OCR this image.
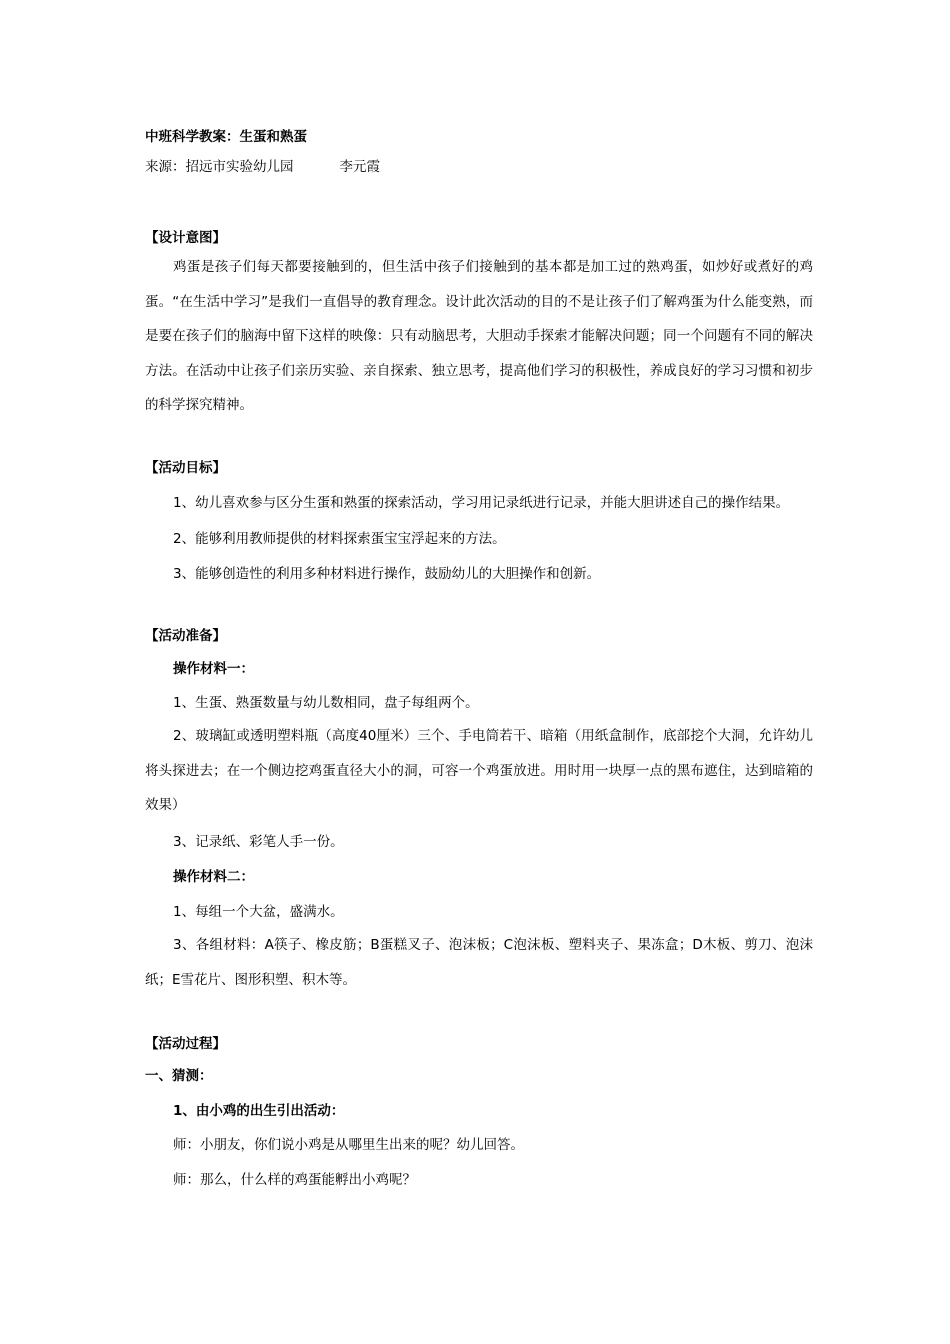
中班科学教案：生蛋和熟蛋
来源：招远市实验幼儿园	李元霞
【设计意图】
鸡蛋是孩子们每天都要接触到的，但生活中孩子们接触到的基本都是加工过的熟鸡蛋，如炒好或煮好的鸡蛋。“在生活中学习”是我们一直倡导的教育理念。设计此次活动的目的不是让孩子们了解鸡蛋为什么能变熟，而是要在孩子们的脑海中留下这样的映像：只有动脑思考，大胆动手探索才能解决问题；同一个问题有不同的解决方法。在活动中让孩子们亲历实验、亲自探索、独立思考，提高他们学习的积极性，养成良好的学习习惯和初步的科学探究精神。
【活动目标】
1、幼儿喜欢参与区分生蛋和熟蛋的探索活动，学习用记录纸进行记录，并能大胆讲述自己的操作结果。
2、能够利用教师提供的材料探索蛋宝宝浮起来的方法。
3、能够创造性的利用多种材料进行操作，鼓励幼儿的大胆操作和创新。
【活动准备】
操作材料一：
1、生蛋、熟蛋数量与幼儿数相同，盘子每组两个。
2、玻璃缸或透明塑料瓶（高度40厘米）三个、手电筒若干、暗箱（用纸盒制作，底部挖个大洞，允许幼儿将头探进去；在一个侧边挖鸡蛋直径大小的洞，可容一个鸡蛋放进。用时用一块厚一点的黑布遮住，达到暗箱的效果）
3、记录纸、彩笔人手一份。
操作材料二：
1、每组一个大盆，盛满水。
3、各组材料：A筷子、橡皮筋；B蛋糕叉子、泡沫板；C泡沫板、塑料夹子、果冻盒；D木板、剪刀、泡沫纸；E雪花片、图形积塑、积木等。
【活动过程】
一、猜测：
1、由小鸡的出生引出活动：
师：小朋友，你们说小鸡是从哪里生出来的呢？幼儿回答。
师：那么，什么样的鸡蛋能孵出小鸡呢？
